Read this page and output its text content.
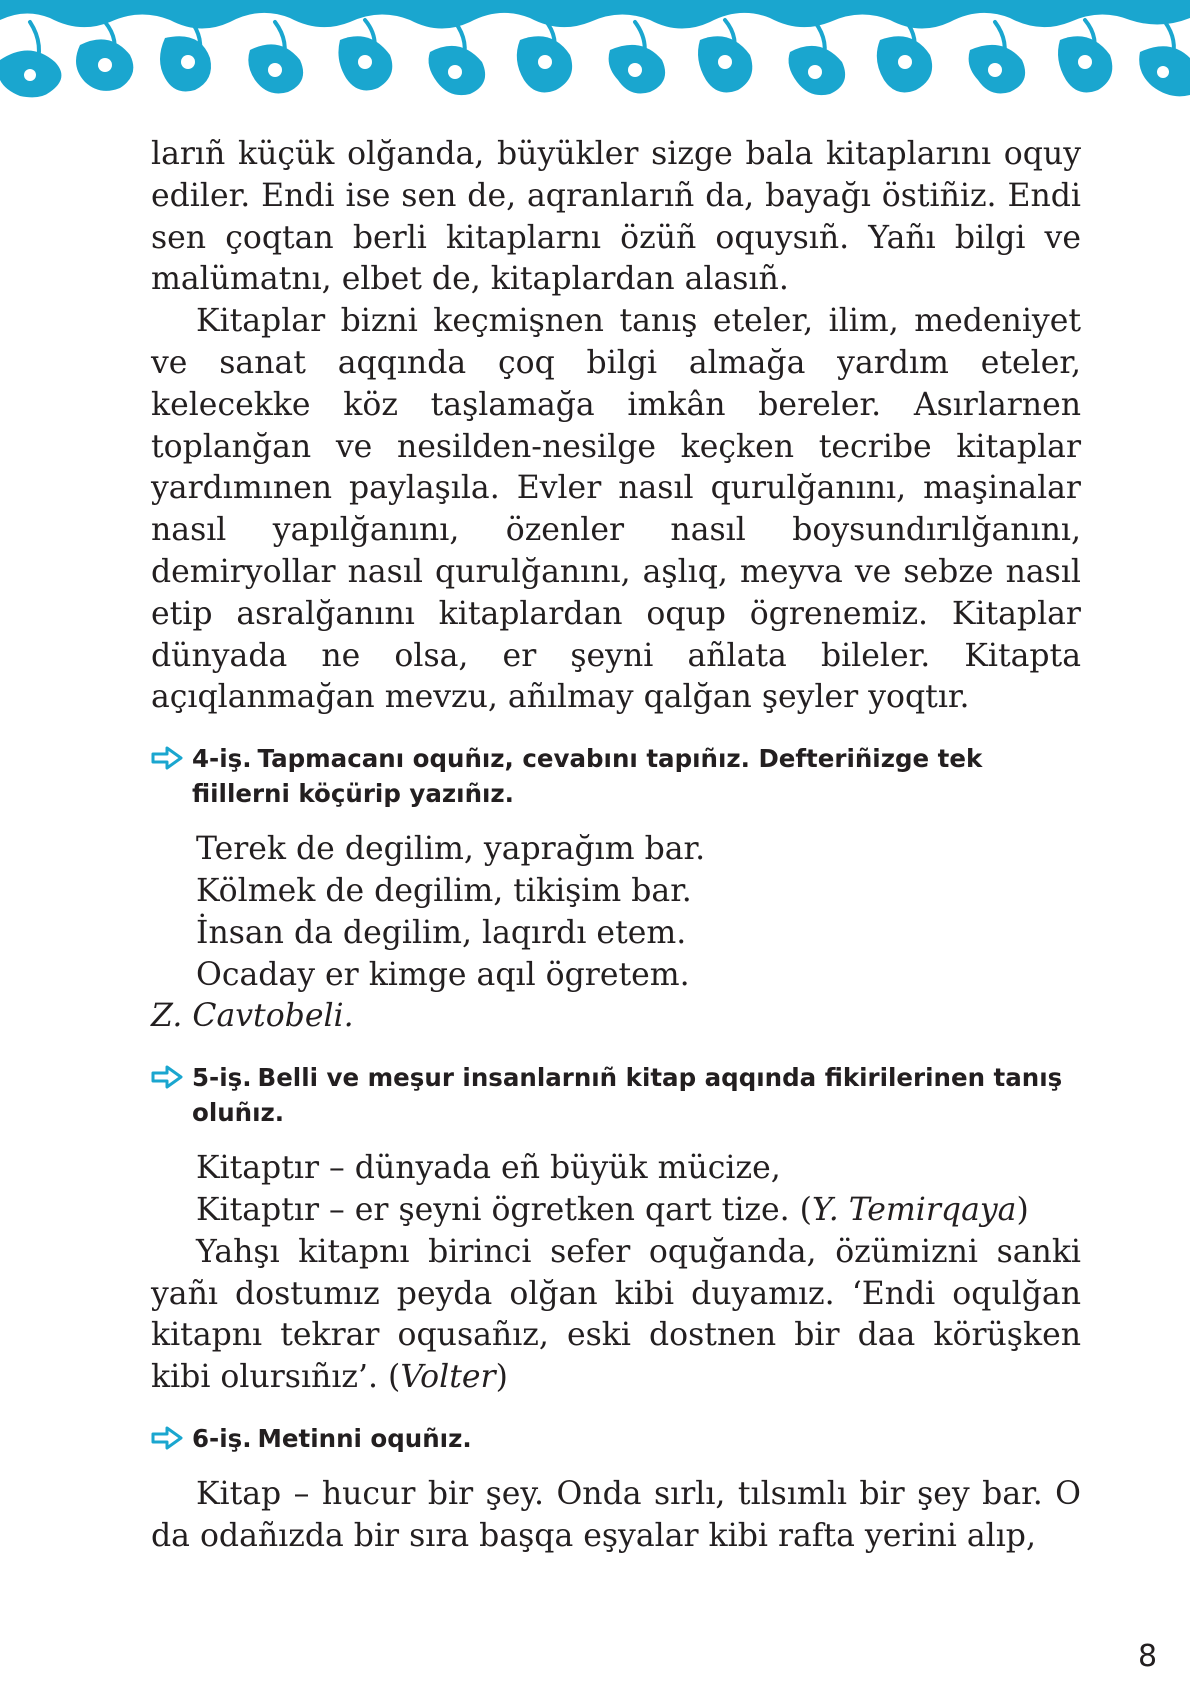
larıñ küçük olğanda, büyükler sizge bala kitaplarını oquy ediler. Endi ise sen de, aqranlarıñ da, bayağı östiñiz. Endi sen çoqtan berli kitaplarnı özüñ oquysıñ. Yañı bilgi ve malümatnı, elbet de, kitaplardan alasıñ.

Kitaplar bizni keçmişnen tanış eteler, ilim, medeniyet ve sanat aqqında çoq bilgi almağa yardım eteler, kelecekke köz taşlamağa imkân bereler. Asırlarnen toplanğan ve nesilden-nesilge keçken tecribe kitaplar yardımınen paylaşıla. Evler nasıl qurulğanını, maşinalar nasıl yapılğanını, özenler nasıl boysundırılğanını, demiryollar nasıl qurulğanını, aşlıq, meyva ve sebze nasıl etip asralğanını kitaplardan oqup ögrenemiz. Kitaplar dünyada ne olsa, er şeyni añlata bileler. Kitapta açıqlanmağan mevzu, añılmay qalğan şeyler yoqtır.

4-iş. Tapmacanı oquñız, cevabını tapıñız. Defteriñizge tek fiillerni köçürip yazıñız.
Terek de degilim, yaprağım bar.
Kölmek de degilim, tikişim bar.
İnsan da degilim, laqırdı etem.
Ocaday er kimge aqıl ögretem.

Z. Cavtobeli.

5-iş. Belli ve meşur insanlarnıñ kitap aqqında fikirilerinen tanış oluñız.
Kitaptır – dünyada eñ büyük mücize,
Kitaptır – er şeyni ögretken qart tize. (Y. Temirqaya)

Yahşı kitapnı birinci sefer oquğanda, özümizni sanki yañı dostumız peyda olğan kibi duyamız. ‘Endi oqulğan kitapnı tekrar oqusañız, eski dostnen bir daa körüşken kibi olursıñız’. (Volter)

6-iş. Metinni oquñız.

Kitap – hucur bir şey. Onda sırlı, tılsımlı bir şey bar. O da odañızda bir sıra başqa eşyalar kibi rafta yerini alıp,

8
